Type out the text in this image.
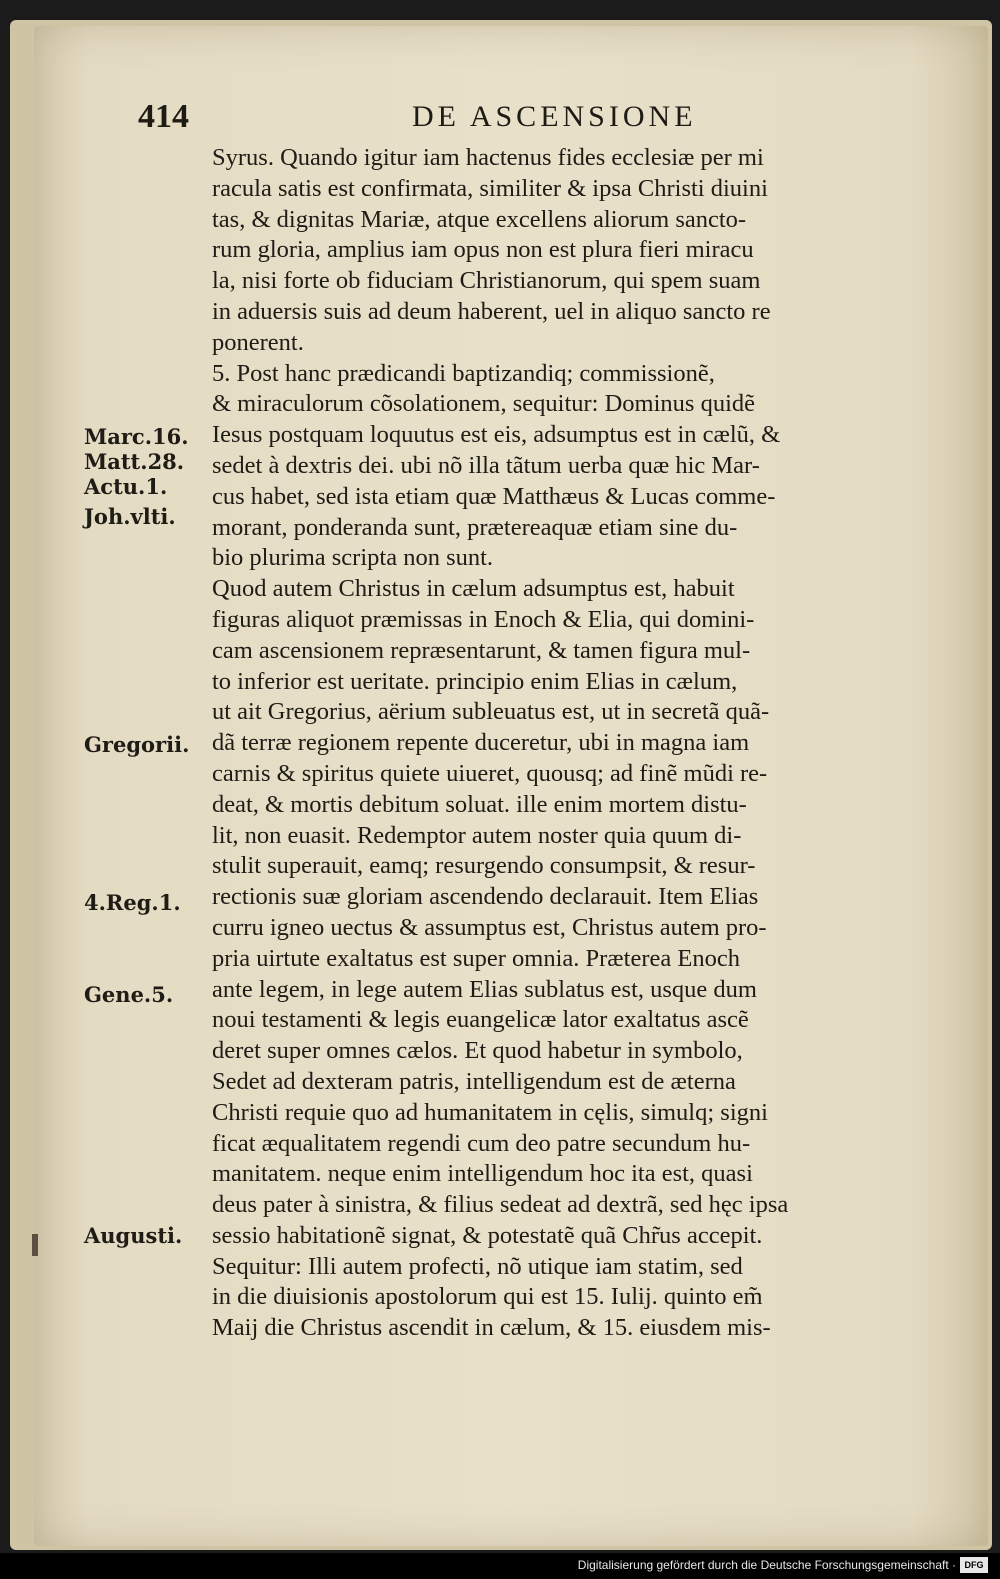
414	DE ASCENSIONE
Syrus. Quando igitur iam hactenus fides ecclesiæ per mi
racula satis est confirmata, similiter & ipsa Christi diuini
tas, & dignitas Mariæ, atque excellens aliorum sancto-
rum gloria, amplius iam opus non est plura fieri miracu
la, nisi forte ob fiduciam Christianorum, qui spem suam
in aduersis suis ad deum haberent, uel in aliquo sancto re
ponerent.
5. Post hanc prædicandi baptizandiq; commissionẽ,
& miraculorum cõsolationem, sequitur: Dominus quidẽ
Iesus postquam loquutus est eis, adsumptus est in cælũ, &
sedet à dextris dei. ubi nõ illa tãtum uerba quæ hic Mar-
cus habet, sed ista etiam quæ Matthæus & Lucas comme-
morant, ponderanda sunt, prætereaquæ etiam sine du-
bio plurima scripta non sunt.
Quod autem Christus in cælum adsumptus est, habuit
figuras aliquot præmissas in Enoch & Elia, qui domini-
cam ascensionem repræsentarunt, & tamen figura mul-
to inferior est ueritate. principio enim Elias in cælum,
ut ait Gregorius, aërium subleuatus est, ut in secretã quã-
dã terræ regionem repente duceretur, ubi in magna iam
carnis & spiritus quiete uiueret, quousq; ad finẽ mũdi re-
deat, & mortis debitum soluat. ille enim mortem distu-
lit, non euasit. Redemptor autem noster quia quum di-
stulit superauit, eamq; resurgendo consumpsit, & resur-
rectionis suæ gloriam ascendendo declarauit. Item Elias
curru igneo uectus & assumptus est, Christus autem pro-
pria uirtute exaltatus est super omnia. Præterea Enoch
ante legem, in lege autem Elias sublatus est, usque dum
noui testamenti & legis euangelicæ lator exaltatus ascẽ
deret super omnes cælos. Et quod habetur in symbolo,
Sedet ad dexteram patris, intelligendum est de æterna
Christi requie quo ad humanitatem in cęlis, simulq; signi
ficat æqualitatem regendi cum deo patre secundum hu-
manitatem. neque enim intelligendum hoc ita est, quasi
deus pater à sinistra, & filius sedeat ad dextrã, sed hęc ipsa
sessio habitationẽ signat, & potestatẽ quã Chr̃us accepit.
Sequitur: Illi autem profecti, nõ utique iam statim, sed
in die diuisionis apostolorum qui est 15. Iulij. quinto em̃
Maij die Christus ascendit in cælum, & 15. eiusdem mis-
Marc.16.
Matt.28.
Actu.1.
Joh.vlti.
Gregorii.
4.Reg.1.
Gene.5.
Augusti.
Digitalisierung gefördert durch die Deutsche Forschungsgemeinschaft · DFG
